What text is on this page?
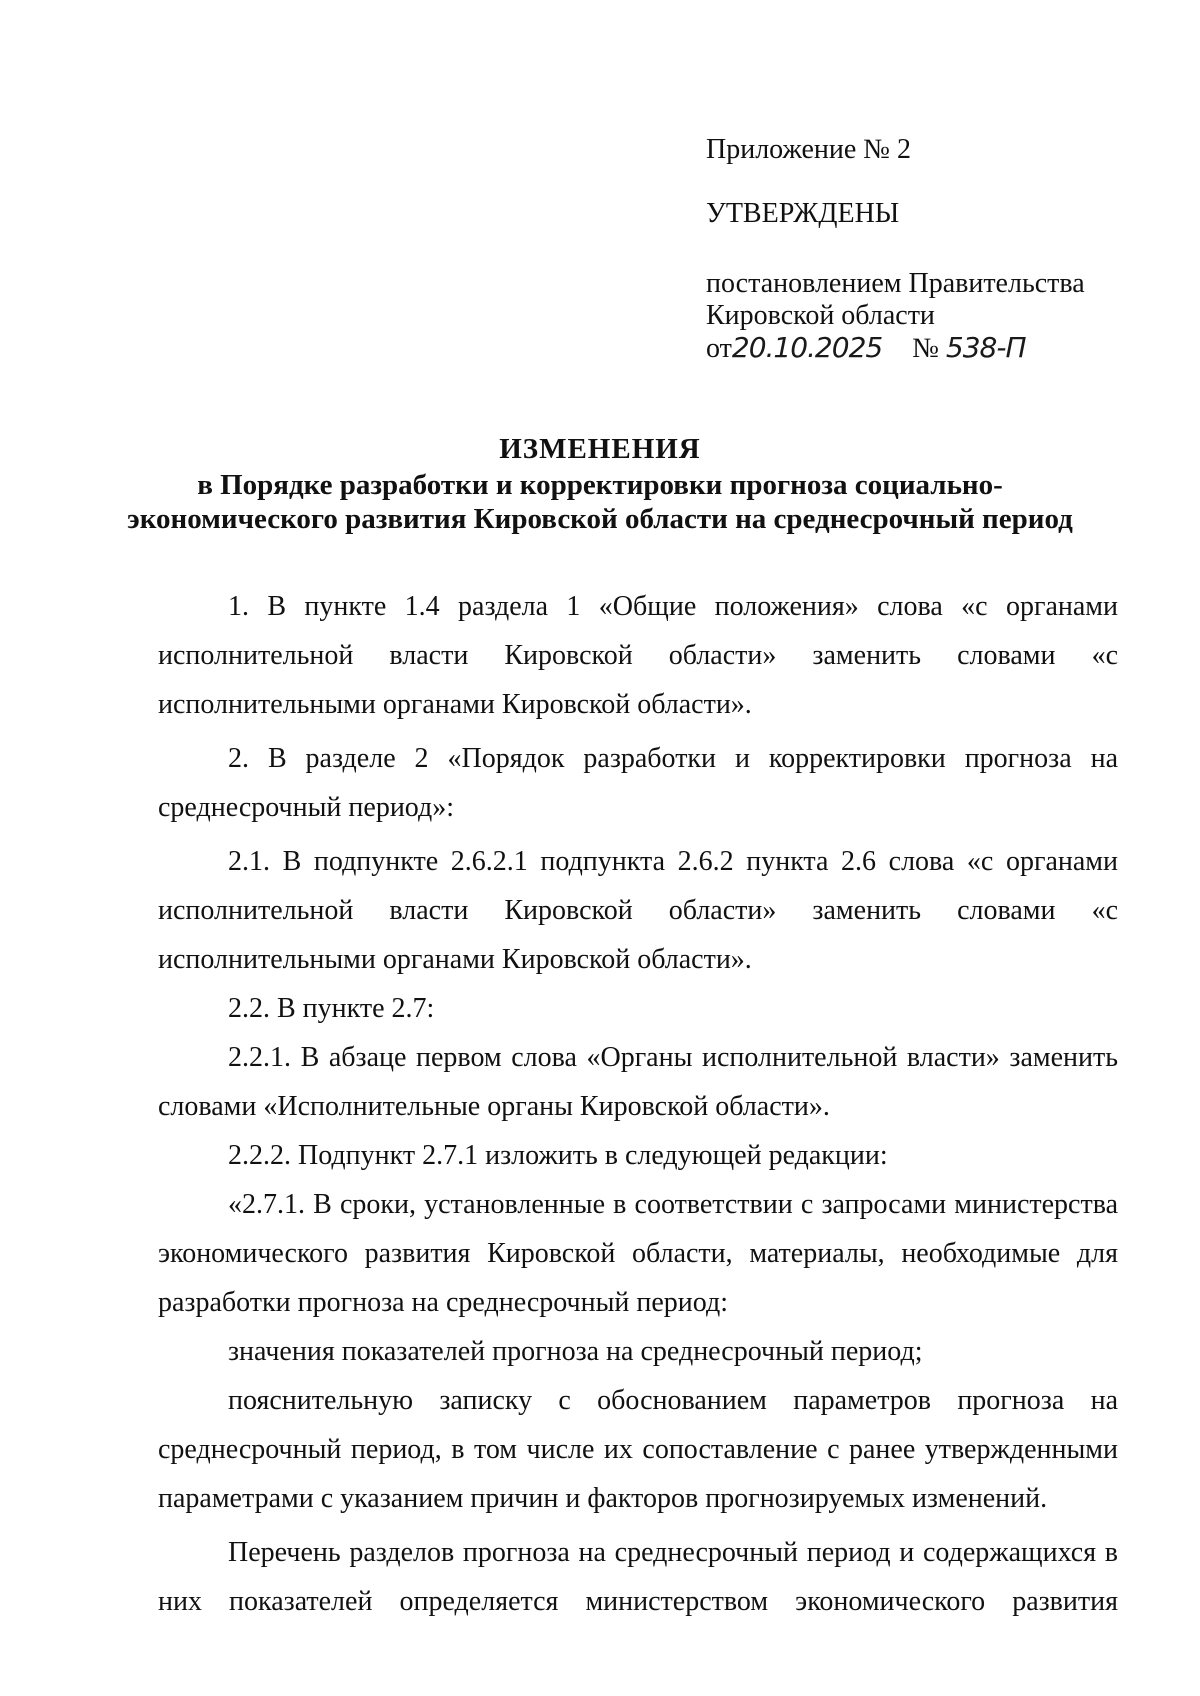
Приложение № 2
УТВЕРЖДЕНЫ
постановлением Правительства
Кировской области
от20.10.2025 № 538-П
ИЗМЕНЕНИЯ
в Порядке разработки и корректировки прогноза социально-
экономического развития Кировской области на среднесрочный период

1. В пункте 1.4 раздела 1 «Общие положения» слова «с органами исполнительной власти Кировской области» заменить словами «с исполнительными органами Кировской области».

2. В разделе 2 «Порядок разработки и корректировки прогноза на среднесрочный период»:

2.1. В подпункте 2.6.2.1 подпункта 2.6.2 пункта 2.6 слова «с органами исполнительной власти Кировской области» заменить словами «с исполнительными органами Кировской области».

2.2. В пункте 2.7:

2.2.1. В абзаце первом слова «Органы исполнительной власти» заменить словами «Исполнительные органы Кировской области».

2.2.2. Подпункт 2.7.1 изложить в следующей редакции:

«2.7.1. В сроки, установленные в соответствии с запросами министерства экономического развития Кировской области, материалы, необходимые для разработки прогноза на среднесрочный период:

значения показателей прогноза на среднесрочный период;

пояснительную записку с обоснованием параметров прогноза на среднесрочный период, в том числе их сопоставление с ранее утвержденными параметрами с указанием причин и факторов прогнозируемых изменений.

Перечень разделов прогноза на среднесрочный период и содержащихся в них показателей определяется министерством экономического развития
